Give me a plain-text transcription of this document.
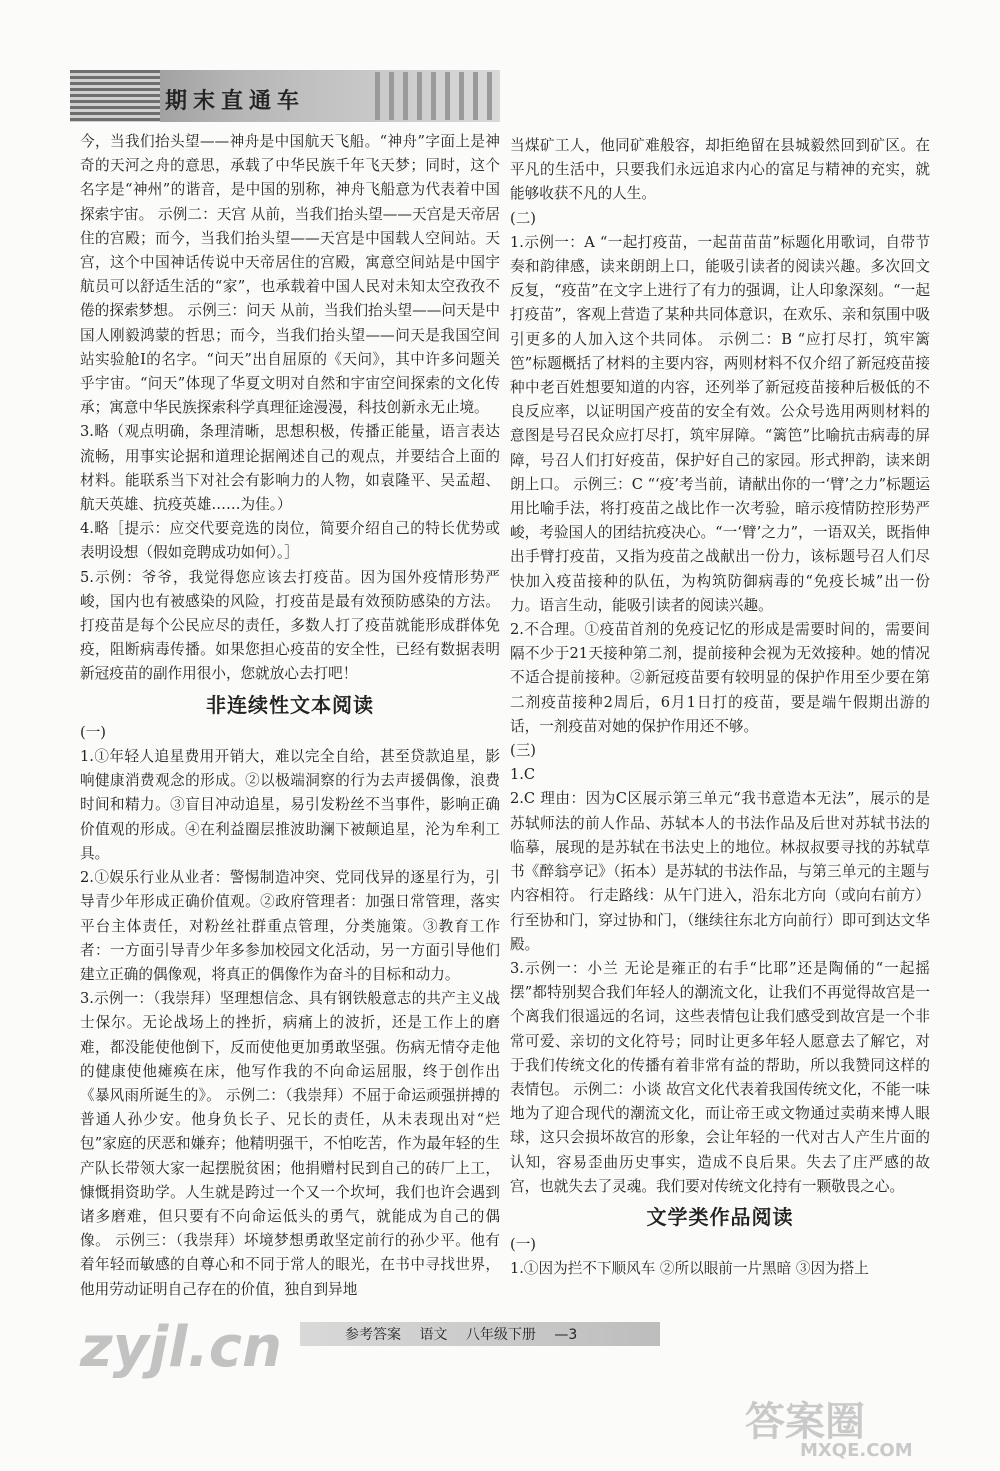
期末直通车

今，当我们抬头望——神舟是中国航天飞船。“神舟”字面上是神奇的天河之舟的意思，承载了中华民族千年飞天梦；同时，这个名字是“神州”的谐音，是中国的别称，神舟飞船意为代表着中国探索宇宙。 示例二：天宫 从前，当我们抬头望——天宫是天帝居住的宫殿；而今，当我们抬头望——天宫是中国载人空间站。天宫，这个中国神话传说中天帝居住的宫殿，寓意空间站是中国宇航员可以舒适生活的“家”，也承载着中国人民对未知太空孜孜不倦的探索梦想。 示例三：问天 从前，当我们抬头望——问天是中国人刚毅鸿蒙的哲思；而今，当我们抬头望——问天是我国空间站实验舱I的名字。“问天”出自屈原的《天问》，其中许多问题关乎宇宙。“问天”体现了华夏文明对自然和宇宙空间探索的文化传承；寓意中华民族探索科学真理征途漫漫，科技创新永无止境。

3.略（观点明确，条理清晰，思想积极，传播正能量，语言表达流畅，用事实论据和道理论据阐述自己的观点，并要结合上面的材料。能联系当下对社会有影响力的人物，如袁隆平、吴孟超、航天英雄、抗疫英雄……为佳。）

4.略［提示：应交代要竞选的岗位，简要介绍自己的特长优势或表明设想（假如竞聘成功如何）。］

5.示例：爷爷，我觉得您应该去打疫苗。因为国外疫情形势严峻，国内也有被感染的风险，打疫苗是最有效预防感染的方法。打疫苗是每个公民应尽的责任，多数人打了疫苗就能形成群体免疫，阻断病毒传播。如果您担心疫苗的安全性，已经有数据表明新冠疫苗的副作用很小，您就放心去打吧！

非连续性文本阅读

(一)

1.①年轻人追星费用开销大，难以完全自给，甚至贷款追星，影响健康消费观念的形成。②以极端洞察的行为去声援偶像，浪费时间和精力。③盲目冲动追星，易引发粉丝不当事件，影响正确价值观的形成。④在利益圈层推波助澜下被颠追星，沦为牟利工具。

2.①娱乐行业从业者：警惕制造冲突、党同伐异的逐星行为，引导青少年形成正确价值观。②政府管理者：加强日常管理，落实平台主体责任，对粉丝社群重点管理，分类施策。③教育工作者：一方面引导青少年多参加校园文化活动，另一方面引导他们建立正确的偶像观，将真正的偶像作为奋斗的目标和动力。

3.示例一：（我崇拜）坚理想信念、具有钢铁般意志的共产主义战士保尔。无论战场上的挫折，病痛上的波折，还是工作上的磨难，都没能使他倒下，反而使他更加勇敢坚强。伤病无情夺走他的健康使他瘫痪在床，他写作我的不向命运屈服，终于创作出《暴风雨所诞生的》。 示例二：（我崇拜）不屈于命运顽强拼搏的普通人孙少安。他身负长子、兄长的责任，从未表现出对“烂包”家庭的厌恶和嫌弃；他精明强干，不怕吃苦，作为最年轻的生产队长带领大家一起摆脱贫困；他捐赠村民到自己的砖厂上工，慷慨捐资助学。人生就是跨过一个又一个坎坷，我们也许会遇到诸多磨难，但只要有不向命运低头的勇气，就能成为自己的偶像。 示例三：（我崇拜）坏境梦想勇敢坚定前行的孙少平。他有着年轻而敏感的自尊心和不同于常人的眼光，在书中寻找世界，他用劳动证明自己存在的价值，独自到异地

当煤矿工人，他同矿难般容，却拒绝留在县城毅然回到矿区。在平凡的生活中，只要我们永远追求内心的富足与精神的充实，就能够收获不凡的人生。

(二)

1.示例一：A “一起打疫苗，一起苗苗苗”标题化用歌词，自带节奏和韵律感，读来朗朗上口，能吸引读者的阅读兴趣。多次回文反复，“疫苗”在文字上进行了有力的强调，让人印象深刻。“一起打疫苗”，客观上营造了某种共同体意识，在欢乐、亲和氛围中吸引更多的人加入这个共同体。 示例二：B “应打尽打，筑牢篱笆”标题概括了材料的主要内容，两则材料不仅介绍了新冠疫苗接种中老百姓想要知道的内容，还列举了新冠疫苗接种后极低的不良反应率，以证明国产疫苗的安全有效。公众号选用两则材料的意图是号召民众应打尽打，筑牢屏障。“篱笆”比喻抗击病毒的屏障，号召人们打好疫苗，保护好自己的家园。形式押韵，读来朗朗上口。 示例三：C “‘疫’考当前，请献出你的一‘臂’之力”标题运用比喻手法，将打疫苗之战比作一次考验，暗示疫情防控形势严峻，考验国人的团结抗疫决心。“一‘臂’之力”，一语双关，既指伸出手臂打疫苗，又指为疫苗之战献出一份力，该标题号召人们尽快加入疫苗接种的队伍，为构筑防御病毒的“免疫长城”出一份力。语言生动，能吸引读者的阅读兴趣。

2.不合理。①疫苗首剂的免疫记忆的形成是需要时间的，需要间隔不少于21天接种第二剂，提前接种会视为无效接种。她的情况不适合提前接种。②新冠疫苗要有较明显的保护作用至少要在第二剂疫苗接种2周后，6月1日打的疫苗，要是端午假期出游的话，一剂疫苗对她的保护作用还不够。

(三)

1.C

2.C 理由：因为C区展示第三单元“我书意造本无法”，展示的是苏轼师法的前人作品、苏轼本人的书法作品及后世对苏轼书法的临摹，展现的是苏轼在书法史上的地位。林叔叔要寻找的苏轼草书《醉翁亭记》（拓本）是苏轼的书法作品，与第三单元的主题与内容相符。 行走路线：从午门进入，沿东北方向（或向右前方）行至协和门，穿过协和门，（继续往东北方向前行）即可到达文华殿。

3.示例一：小兰 无论是雍正的右手“比耶”还是陶俑的“一起摇摆”都特别契合我们年轻人的潮流文化，让我们不再觉得故宫是一个离我们很遥远的名词，这些表情包让我们感受到故宫是一个非常可爱、亲切的文化符号；同时让更多年轻人愿意去了解它，对于我们传统文化的传播有着非常有益的帮助，所以我赞同这样的表情包。 示例二：小谈 故宫文化代表着我国传统文化，不能一味地为了迎合现代的潮流文化，而让帝王或文物通过卖萌来博人眼球，这只会损坏故宫的形象，会让年轻的一代对古人产生片面的认知，容易歪曲历史事实，造成不良后果。失去了庄严感的故宫，也就失去了灵魂。我们要对传统文化持有一颗敬畏之心。

文学类作品阅读

(一)

1.①因为拦不下顺风车 ②所以眼前一片黑暗 ③因为搭上

参考答案 语文 八年级下册 —3
zyjl.cn
答案圈
MXQE.COM
